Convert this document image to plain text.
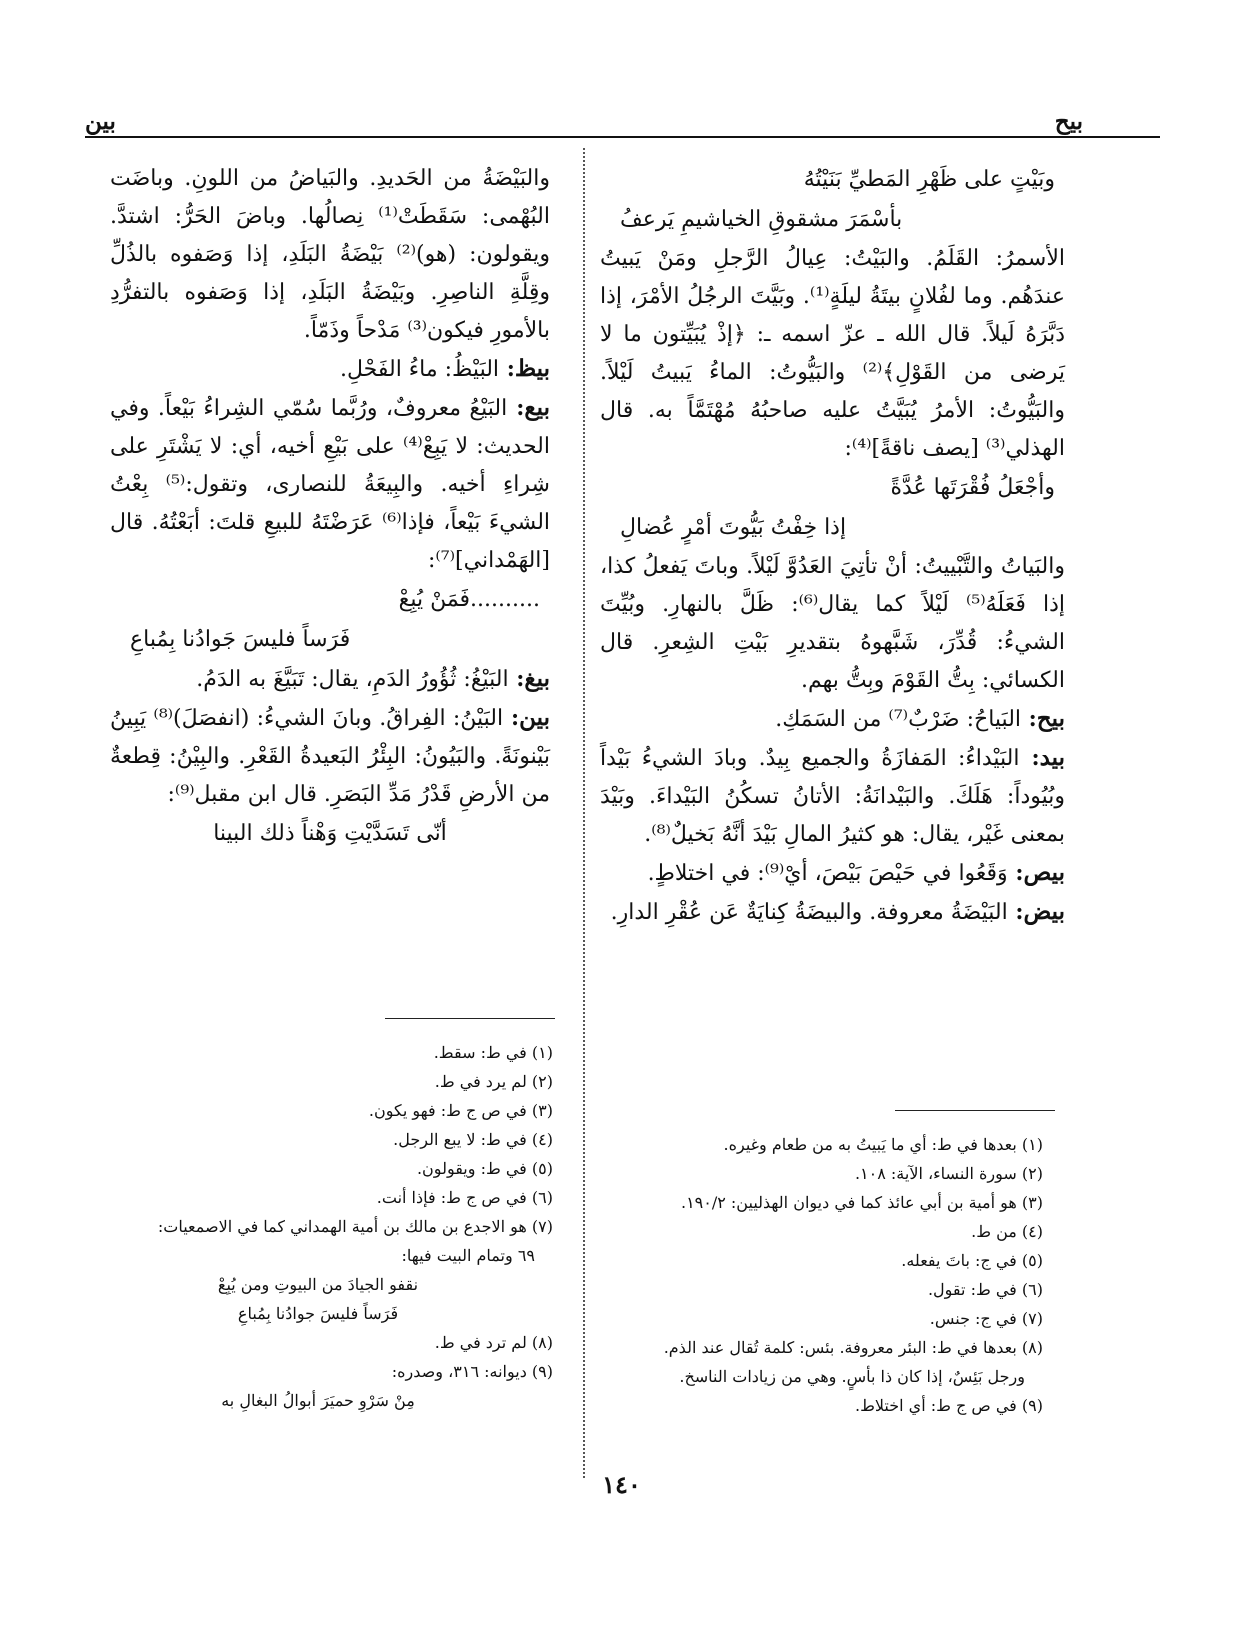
بيح
بين
وبَيْتٍ على ظَهْرِ المَطيِّ بَنَيْتُهُ
بأسْمَرَ مشقوقِ الخياشيمِ يَرعفُ

الأسمرُ: القَلَمُ. والبَيْتُ: عِيالُ الرَّجلِ ومَنْ يَبيتُ عندَهُم. وما لفُلانٍ بيتَةُ ليلَةٍ⁽¹⁾. وبَيَّتَ الرجُلُ الأمْرَ، إذا دَبَّرَهُ لَيلاً. قال الله ـ عزّ اسمه ـ: ﴿إذْ يُبَيِّتون ما لا يَرضى من القَوْلِ﴾⁽²⁾ والبَيُّوتُ: الماءُ يَبيتُ لَيْلاً. والبَيُّوتُ: الأمرُ يُبَيَّتُ عليه صاحبُهُ مُهْتَمَّاً به. قال الهذلي⁽³⁾ [يصف ناقةً]⁽⁴⁾:

وأجْعَلُ فُقْرَتَها عُدَّةً
إذا خِفْتُ بَيُّوتَ أمْرٍ عُضالِ

والبَياتُ والتَّبْييتُ: أنْ تأتِيَ العَدُوَّ لَيْلاً. وباتَ يَفعلُ كذا، إذا فَعَلَهُ⁽⁵⁾ لَيْلاً كما يقال⁽⁶⁾: ظَلَّ بالنهارِ. وبُيِّتَ الشيءُ: قُدِّرَ، شَبَّهوهُ بتقديرِ بَيْتِ الشِعرِ. قال الكسائي: بِتُّ القَوْمَ وبِتُّ بهم.

بيح: البَياحُ: ضَرْبٌ⁽⁷⁾ من السَمَكِ.

بيد: البَيْداءُ: المَفازَةُ والجميع بِيدٌ. وبادَ الشيءُ بَيْداً وبُيُوداً: هَلَكَ. والبَيْدانَةُ: الأتانُ تسكُنُ البَيْداءَ. وبَيْدَ بمعنى غَيْر، يقال: هو كثيرُ المالِ بَيْدَ أنَّهُ بَخيلٌ⁽⁸⁾.

بيص: وَقَعُوا في حَيْصَ بَيْصَ، أيْ⁽⁹⁾: في اختلاطٍ.

بيض: البَيْضَةُ معروفة. والبيضَةُ كِنايَةٌ عَن عُقْرِ الدارِ.

والبَيْضَةُ من الحَديدِ. والبَياضُ من اللونِ. وباضَت البُهْمى: سَقَطَتْ⁽¹⁾ نِصالُها. وباضَ الحَرُّ: اشتدَّ. ويقولون: (هو)⁽²⁾ بَيْضَةُ البَلَدِ، إذا وَصَفوه بالذُلِّ وقِلَّةِ الناصِرِ. وبَيْضَةُ البَلَدِ، إذا وَصَفوه بالتفرُّدِ بالأمورِ فيكون⁽³⁾ مَدْحاً وذَمّاً.

بيظ: البَيْظُ: ماءُ الفَحْلِ.

بيع: البَيْعُ معروفٌ، ورُبَّما سُمّي الشِراءُ بَيْعاً. وفي الحديث: لا يَبِعْ⁽⁴⁾ على بَيْعِ أخيه، أي: لا يَشْتَرِ على شِراءِ أخيه. والبِيعَةُ للنصارى، وتقول:⁽⁵⁾ بِعْتُ الشيءَ بَيْعاً، فإذا⁽⁶⁾ عَرَضْتَهُ للبيعِ قلتَ: أبَعْتُهُ. قال [الهَمْداني]⁽⁷⁾:

..........فَمَنْ يُبِعْ
فَرَساً فليسَ جَوادُنا بِمُباعِ

بيغ: البَيْغُ: ثُؤُورُ الدَمِ، يقال: تَبَيَّغَ به الدَمُ.

بين: البَيْنُ: الفِراقُ. وبانَ الشيءُ: (انفصَلَ)⁽⁸⁾ يَبِينُ بَيْنونَةً. والبَيُونُ: البِئْرُ البَعيدةُ القَعْرِ. والبِيْنُ: قِطعةٌ من الأرضِ قَدْرُ مَدِّ البَصَرِ. قال ابن مقبل⁽⁹⁾:

أنّى تَسَدَّيْتِ وَهْناً ذلك البينا
(١) بعدها في ط: أي ما يَبيتُ به من طعام وغيره.
(٢) سورة النساء، الآية: ١٠٨.
(٣) هو أمية بن أبي عائذ كما في ديوان الهذليين: ١٩٠/٢.
(٤) من ط.
(٥) في ج: باتَ يفعله.
(٦) في ط: تقول.
(٧) في ج: جنس.
(٨) بعدها في ط: البئر معروفة. بئس: كلمة تُقال عند الذم.
ورجل بَئِسٌ، إذا كان ذا بأسٍ. وهي من زيادات الناسخ.
(٩) في ص ج ط: أي اختلاط.
(١) في ط: سقط.
(٢) لم يرد في ط.
(٣) في ص ج ط: فهو يكون.
(٤) في ط: لا يبع الرجل.
(٥) في ط: ويقولون.
(٦) في ص ج ط: فإذا أنت.
(٧) هو الاجدع بن مالك بن أمية الهمداني كما في الاصمعيات:
٦٩ وتمام البيت فيها:
نقفو الجيادَ من البيوتِ ومن يُبِعْ
فَرَساً فليسَ جوادُنا بِمُباعِ
(٨) لم ترد في ط.
(٩) ديوانه: ٣١٦، وصدره:
مِنْ سَرْوِ حميَرَ أبوالُ البغالِ به
١٤٠
